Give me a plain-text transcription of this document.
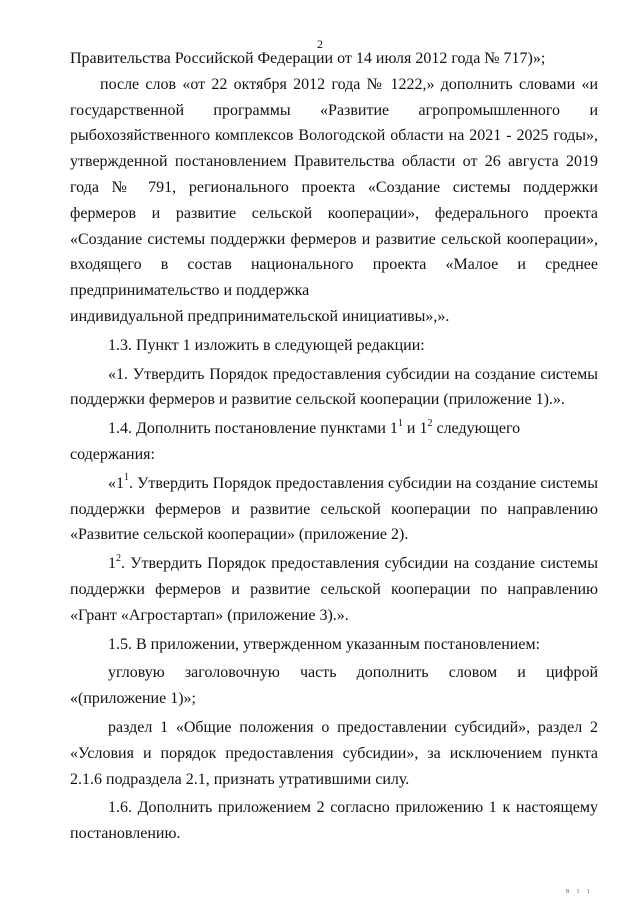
2

Правительства Российской Федерации от 14 июля 2012 года № 717)»;

после слов «от 22 октября 2012 года № 1222,» дополнить словами «и государственной программы «Развитие агропромышленного и рыбохозяйственного комплексов Вологодской области на 2021 - 2025 годы», утвержденной постановлением Правительства области от 26 августа 2019 года № 791, регионального проекта «Создание системы поддержки фермеров и развитие сельской кооперации», федерального проекта «Создание системы поддержки фермеров и развитие сельской кооперации», входящего в состав национального проекта «Малое и среднее предпринимательство и поддержка

индивидуальной предпринимательской инициативы»,».

1.3. Пункт 1 изложить в следующей редакции:

«1. Утвердить Порядок предоставления субсидии на создание системы поддержки фермеров и развитие сельской кооперации (приложение 1).».

1.4. Дополнить постановление пунктами $1^1$ и $1^2$ следующего содержания:

«$1^1$. Утвердить Порядок предоставления субсидии на создание системы поддержки фермеров и развитие сельской кооперации по направлению «Развитие сельской кооперации» (приложение 2).

$1^2$. Утвердить Порядок предоставления субсидии на создание системы поддержки фермеров и развитие сельской кооперации по направлению «Грант «Агростартап» (приложение 3).».

1.5. В приложении, утвержденном указанным постановлением:

угловую заголовочную часть дополнить словом и цифрой «(приложение 1)»;

раздел 1 «Общие положения о предоставлении субсидий», раздел 2 «Условия и порядок предоставления субсидии», за исключением пункта 2.1.6 подраздела 2.1, признать утратившими силу.

1.6. Дополнить приложением 2 согласно приложению 1 к настоящему постановлению.

8 1 1
